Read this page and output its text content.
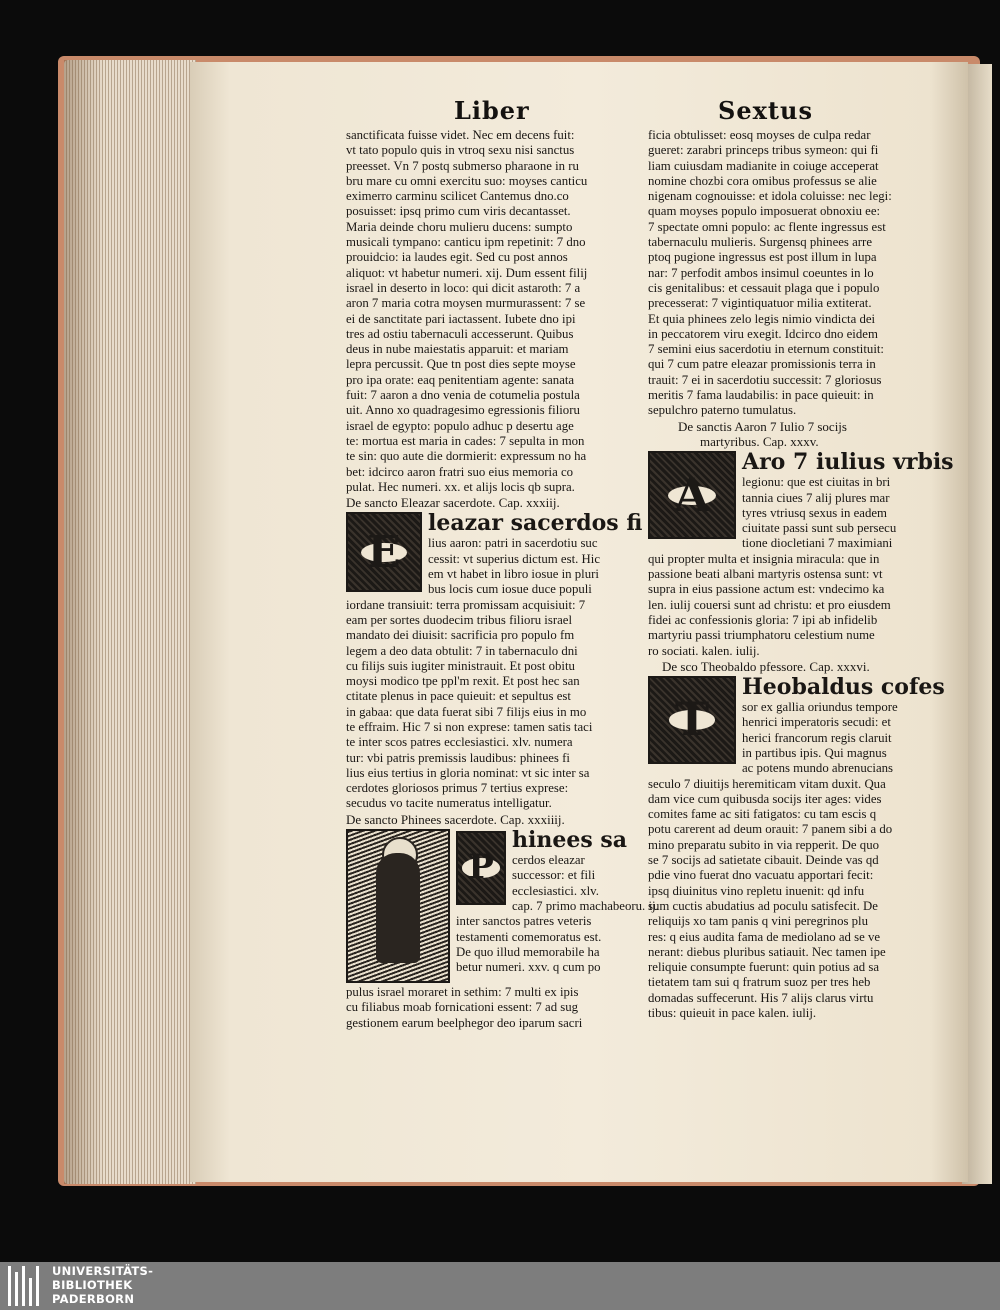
Liber	Sextus
sanctificata fuisse videt. Nec em decens fuit:
vt tato populo quis in vtroq sexu nisi sanctus
preesset. Vn 7 postq submerso pharaone in ru
bru mare cu omni exercitu suo: moyses canticu
eximerro carminu scilicet Cantemus dno.co
posuisset: ipsq primo cum viris decantasset.
Maria deinde choru mulieru ducens: sumpto
musicali tympano: canticu ipm repetinit: 7 dno
prouidcio: ia laudes egit. Sed cu post annos
aliquot: vt habetur numeri. xij. Dum essent filij
israel in deserto in loco: qui dicit astaroth: 7 a
aron 7 maria cotra moysen murmurassent: 7 se
ei de sanctitate pari iactassent. Iubete dno ipi
tres ad ostiu tabernaculi accesserunt. Quibus
deus in nube maiestatis apparuit: et mariam
lepra percussit. Que tn post dies septe moyse
pro ipa orate: eaq penitentiam agente: sanata
fuit: 7 aaron a dno venia de cotumelia postula
uit. Anno xo quadragesimo egressionis filioru
israel de egypto: populo adhuc p desertu age
te: mortua est maria in cades: 7 sepulta in mon
te sin: quo aute die dormierit: expressum no ha
bet: idcirco aaron fratri suo eius memoria co
pulat. Hec numeri. xx. et alijs locis qb supra.
De sancto Eleazar sacerdote. Cap. xxxiij.
E
leazar sacerdos fi
lius aaron: patri in sacerdotiu suc
cessit: vt superius dictum est. Hic
em vt habet in libro iosue in pluri
bus locis cum iosue duce populi
iordane transiuit: terra promissam acquisiuit: 7
eam per sortes duodecim tribus filioru israel
mandato dei diuisit: sacrificia pro populo fm
legem a deo data obtulit: 7 in tabernaculo dni
cu filijs suis iugiter ministrauit. Et post obitu
moysi modico tpe ppl'm rexit. Et post hec san
ctitate plenus in pace quieuit: et sepultus est
in gabaa: que data fuerat sibi 7 filijs eius in mo
te effraim. Hic 7 si non exprese: tamen satis taci
te inter scos patres ecclesiastici. xlv. numera
tur: vbi patris premissis laudibus: phinees fi
lius eius tertius in gloria nominat: vt sic inter sa
cerdotes gloriosos primus 7 tertius exprese:
secudus vo tacite numeratus intelligatur.
De sancto Phinees sacerdote. Cap. xxxiiij.
P
hinees sa
cerdos eleazar
successor: et fili
ecclesiastici. xlv.
cap. 7 primo machabeoru. ij.
inter sanctos patres veteris
testamenti comemoratus est.
De quo illud memorabile ha
betur numeri. xxv. q cum po
pulus israel moraret in sethim: 7 multi ex ipis
cu filiabus moab fornicationi essent: 7 ad sug
gestionem earum beelphegor deo iparum sacri
ficia obtulisset: eosq moyses de culpa redar
gueret: zarabri princeps tribus symeon: qui fi
liam cuiusdam madianite in coiuge acceperat
nomine chozbi cora omibus professus se alie
nigenam cognouisse: et idola coluisse: nec legi:
quam moyses populo imposuerat obnoxiu ee:
7 spectate omni populo: ac flente ingressus est
tabernaculu mulieris. Surgensq phinees arre
ptoq pugione ingressus est post illum in lupa
nar: 7 perfodit ambos insimul coeuntes in lo
cis genitalibus: et cessauit plaga que i populo
precesserat: 7 vigintiquatuor milia extiterat.
Et quia phinees zelo legis nimio vindicta dei
in peccatorem viru exegit. Idcirco dno eidem
7 semini eius sacerdotiu in eternum constituit:
qui 7 cum patre eleazar promissionis terra in
trauit: 7 ei in sacerdotiu successit: 7 gloriosus
meritis 7 fama laudabilis: in pace quieuit: in
sepulchro paterno tumulatus.
De sanctis Aaron 7 Iulio 7 socijs
martyribus. Cap. xxxv.
A
Aro 7 iulius vrbis
legionu: que est ciuitas in bri
tannia ciues 7 alij plures mar
tyres vtriusq sexus in eadem
ciuitate passi sunt sub persecu
tione diocletiani 7 maximiani
qui propter multa et insignia miracula: que in
passione beati albani martyris ostensa sunt: vt
supra in eius passione actum est: vndecimo ka
len. iulij couersi sunt ad christu: et pro eiusdem
fidei ac confessionis gloria: 7 ipi ab infidelib
martyriu passi triumphatoru celestium nume
ro sociati. kalen. iulij.
De sco Theobaldo pfessore. Cap. xxxvi.
T
Heobaldus cofes
sor ex gallia oriundus tempore
henrici imperatoris secudi: et
herici francorum regis claruit
in partibus ipis. Qui magnus
ac potens mundo abrenucians
seculo 7 diuitijs heremiticam vitam duxit. Qua
dam vice cum quibusda socijs iter ages: vides
comites fame ac siti fatigatos: cu tam escis q
potu carerent ad deum orauit: 7 panem sibi a do
mino preparatu subito in via repperit. De quo
se 7 socijs ad satietate cibauit. Deinde vas qd
pdie vino fuerat dno vacuatu apportari fecit:
ipsq diuinitus vino repletu inuenit: qd infu
sum cuctis abudatius ad poculu satisfecit. De
reliquijs xo tam panis q vini peregrinos plu
res: q eius audita fama de mediolano ad se ve
nerant: diebus pluribus satiauit. Nec tamen ipe
reliquie consumpte fuerunt: quin potius ad sa
tietatem tam sui q fratrum suoz per tres heb
domadas suffecerunt. His 7 alijs clarus virtu
tibus: quieuit in pace kalen. iulij.
UNIVERSITÄTS-
BIBLIOTHEK
PADERBORN
